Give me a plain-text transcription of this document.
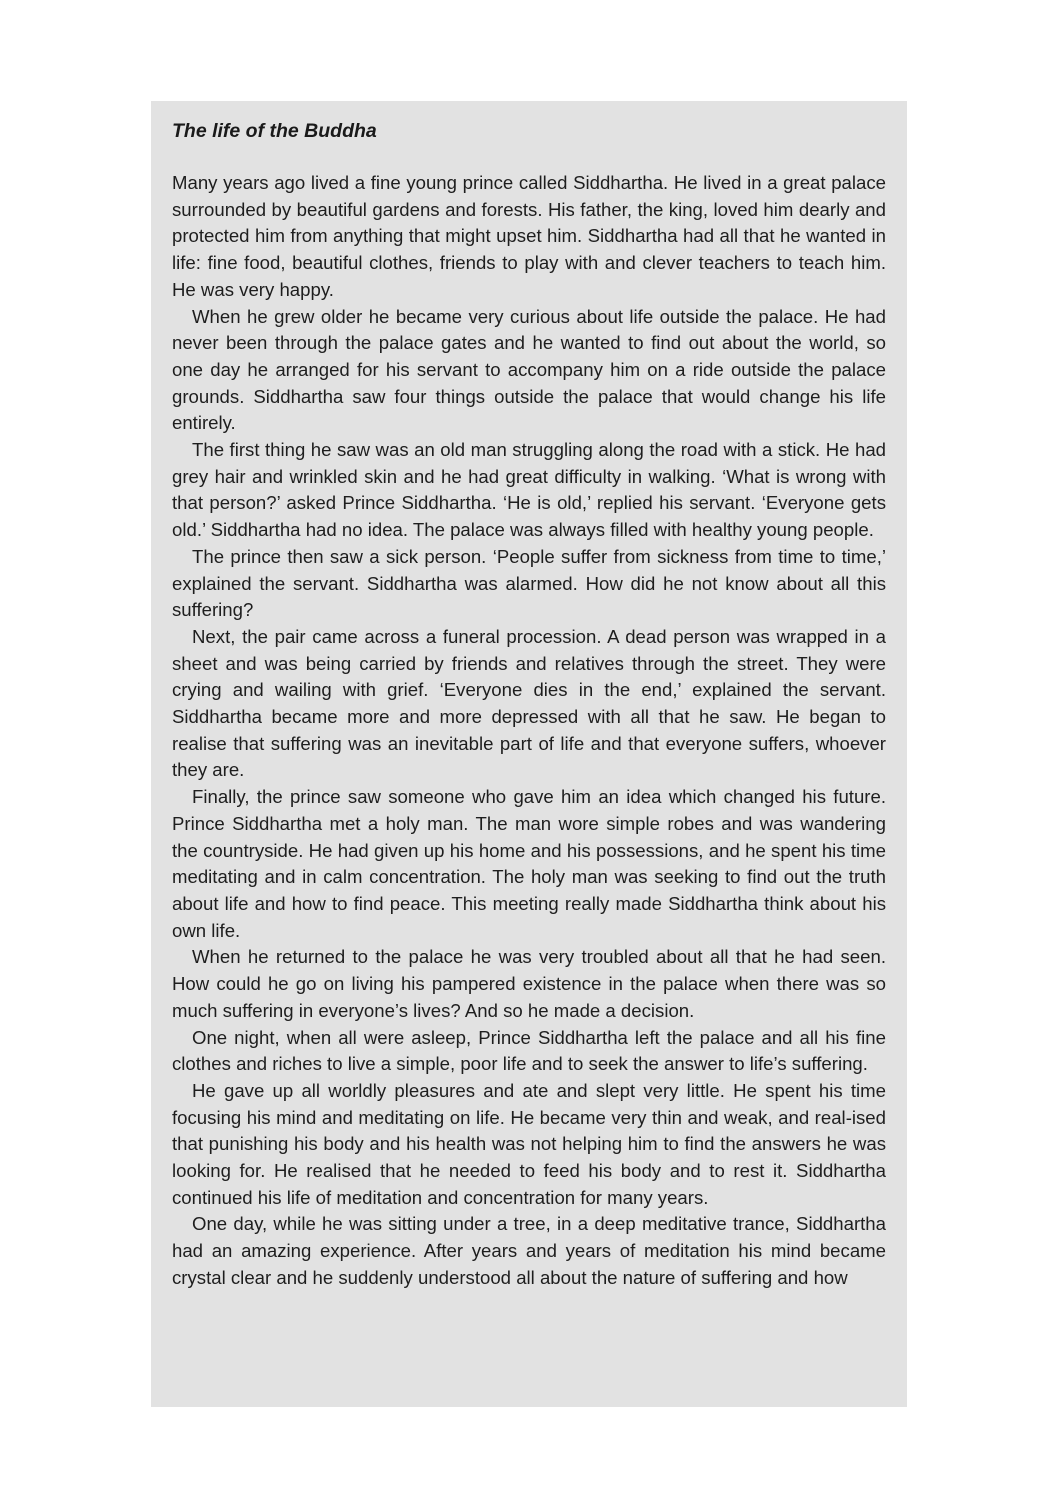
The life of the Buddha

Many years ago lived a fine young prince called Siddhartha. He lived in a great palace surrounded by beautiful gardens and forests. His father, the king, loved him dearly and protected him from anything that might upset him. Siddhartha had all that he wanted in life: fine food, beautiful clothes, friends to play with and clever teachers to teach him. He was very happy.

When he grew older he became very curious about life outside the palace. He had never been through the palace gates and he wanted to find out about the world, so one day he arranged for his servant to accompany him on a ride outside the palace grounds. Siddhartha saw four things outside the palace that would change his life entirely.

The first thing he saw was an old man struggling along the road with a stick. He had grey hair and wrinkled skin and he had great difficulty in walking. ‘What is wrong with that person?’ asked Prince Siddhartha. ‘He is old,’ replied his servant. ‘Everyone gets old.’ Siddhartha had no idea. The palace was always filled with healthy young people.

The prince then saw a sick person. ‘People suffer from sickness from time to time,’ explained the servant. Siddhartha was alarmed. How did he not know about all this suffering?

Next, the pair came across a funeral procession. A dead person was wrapped in a sheet and was being carried by friends and relatives through the street. They were crying and wailing with grief. ‘Everyone dies in the end,’ explained the servant. Siddhartha became more and more depressed with all that he saw. He began to realise that suffering was an inevitable part of life and that everyone suffers, whoever they are.

Finally, the prince saw someone who gave him an idea which changed his future. Prince Siddhartha met a holy man. The man wore simple robes and was wandering the countryside. He had given up his home and his possessions, and he spent his time meditating and in calm concentration. The holy man was seeking to find out the truth about life and how to find peace. This meeting really made Siddhartha think about his own life.

When he returned to the palace he was very troubled about all that he had seen. How could he go on living his pampered existence in the palace when there was so much suffering in everyone’s lives? And so he made a decision.

One night, when all were asleep, Prince Siddhartha left the palace and all his fine clothes and riches to live a simple, poor life and to seek the answer to life’s suffering.

He gave up all worldly pleasures and ate and slept very little. He spent his time focusing his mind and meditating on life. He became very thin and weak, and real-ised that punishing his body and his health was not helping him to find the answers he was looking for. He realised that he needed to feed his body and to rest it. Siddhartha continued his life of meditation and concentration for many years.

One day, while he was sitting under a tree, in a deep meditative trance, Siddhartha had an amazing experience. After years and years of meditation his mind became crystal clear and he suddenly understood all about the nature of suffering and how
